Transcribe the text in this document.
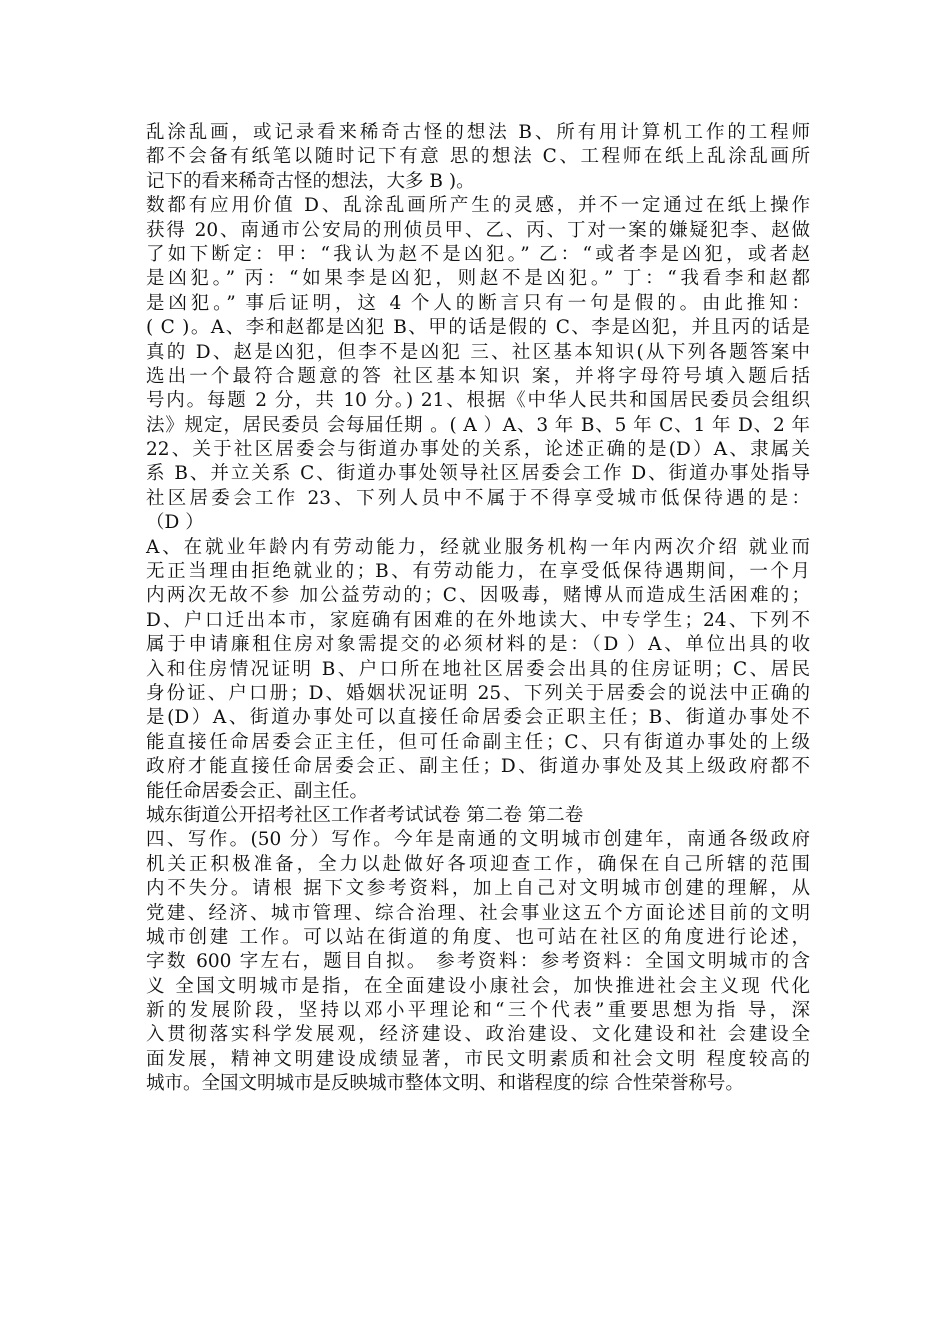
乱涂乱画，或记录看来稀奇古怪的想法 B、所有用计算机工作的工程师
都不会备有纸笔以随时记下有意 思的想法 C、工程师在纸上乱涂乱画所
记下的看来稀奇古怪的想法，大多 B )。
数都有应用价值 D、乱涂乱画所产生的灵感，并不一定通过在纸上操作
获得 20、南通市公安局的刑侦员甲、乙、丙、丁对一案的嫌疑犯李、赵做
了如下断定：甲：“我认为赵不是凶犯。” 乙：“或者李是凶犯，或者赵
是凶犯。” 丙：“如果李是凶犯，则赵不是凶犯。” 丁：“我看李和赵都
是凶犯。” 事后证明，这 4 个人的断言只有一句是假的。由此推知：
( C )。A、李和赵都是凶犯 B、甲的话是假的 C、李是凶犯，并且丙的话是
真的 D、赵是凶犯，但李不是凶犯 三、社区基本知识(从下列各题答案中
选出一个最符合题意的答 社区基本知识 案，并将字母符号填入题后括
号内。每题 2 分，共 10 分。) 21、根据《中华人民共和国居民委员会组织
法》规定，居民委员 会每届任期 。( A ）A、3 年 B、5 年 C、1 年 D、2 年
22、关于社区居委会与街道办事处的关系，论述正确的是(D）A、隶属关
系 B、并立关系 C、街道办事处领导社区居委会工作 D、街道办事处指导
社区居委会工作 23、下列人员中不属于不得享受城市低保待遇的是：
（D ）
A、在就业年龄内有劳动能力，经就业服务机构一年内两次介绍 就业而
无正当理由拒绝就业的；B、有劳动能力，在享受低保待遇期间，一个月
内两次无故不参 加公益劳动的；C、因吸毒，赌博从而造成生活困难的；
D、户口迁出本市，家庭确有困难的在外地读大、中专学生；24、下列不
属于申请廉租住房对象需提交的必须材料的是：（D ）A、单位出具的收
入和住房情况证明 B、户口所在地社区居委会出具的住房证明；C、居民
身份证、户口册；D、婚姻状况证明 25、下列关于居委会的说法中正确的
是(D）A、街道办事处可以直接任命居委会正职主任；B、街道办事处不
能直接任命居委会正主任，但可任命副主任；C、只有街道办事处的上级
政府才能直接任命居委会正、副主任；D、街道办事处及其上级政府都不
能任命居委会正、副主任。
城东街道公开招考社区工作者考试试卷 第二卷 第二卷
四、写作。(50 分）写作。今年是南通的文明城市创建年，南通各级政府
机关正积极准备，全力以赴做好各项迎查工作，确保在自己所辖的范围
内不失分。请根 据下文参考资料，加上自己对文明城市创建的理解，从
党建、经济、城市管理、综合治理、社会事业这五个方面论述目前的文明
城市创建 工作。可以站在街道的角度、也可站在社区的角度进行论述，
字数 600 字左右，题目自拟。 参考资料：参考资料：全国文明城市的含
义 全国文明城市是指，在全面建设小康社会，加快推进社会主义现 代化
新的发展阶段，坚持以邓小平理论和“三个代表”重要思想为指 导，深
入贯彻落实科学发展观，经济建设、政治建设、文化建设和社 会建设全
面发展，精神文明建设成绩显著，市民文明素质和社会文明 程度较高的
城市。全国文明城市是反映城市整体文明、和谐程度的综 合性荣誉称号。
